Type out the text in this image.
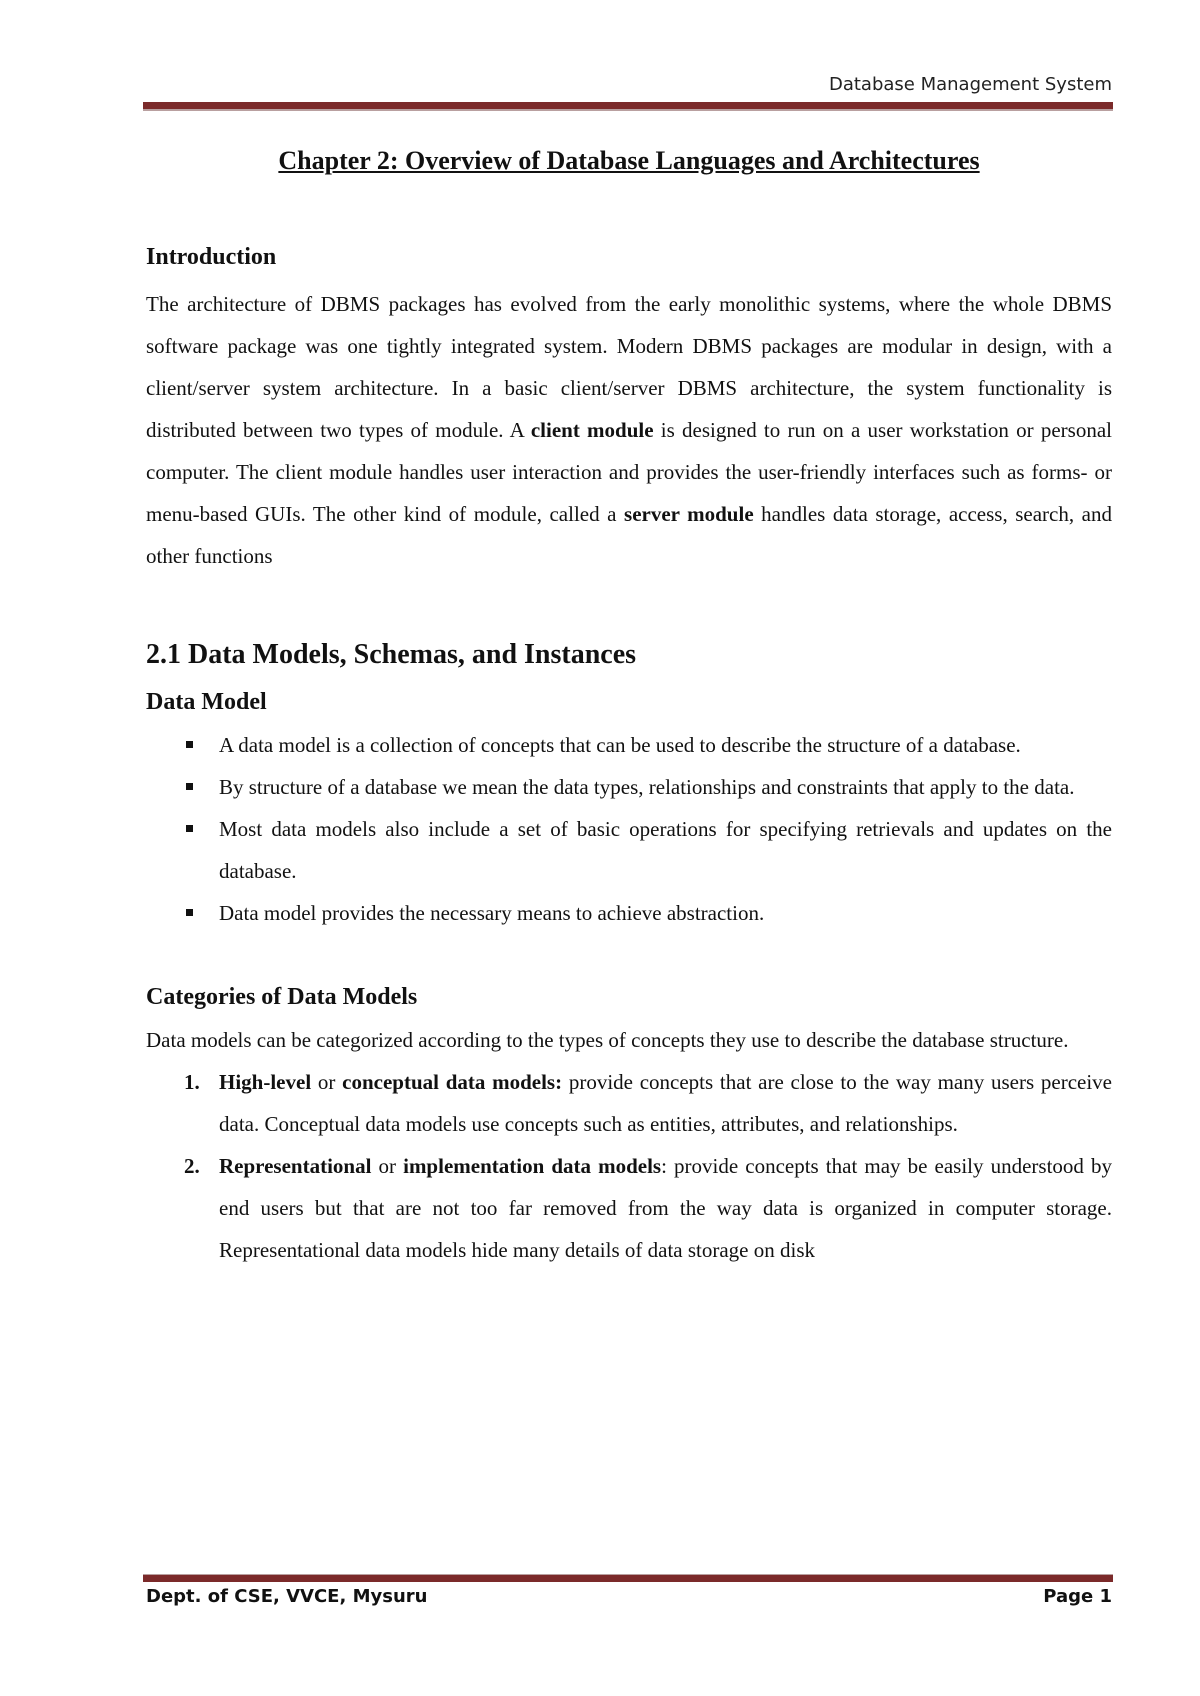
Database Management System

Chapter 2: Overview of Database Languages and Architectures

Introduction

The architecture of DBMS packages has evolved from the early monolithic systems, where the whole DBMS software package was one tightly integrated system. Modern DBMS packages are modular in design, with a client/server system architecture. In a basic client/server DBMS architecture, the system functionality is distributed between two types of module. A client module is designed to run on a user workstation or personal computer. The client module handles user interaction and provides the user-friendly interfaces such as forms- or menu-based GUIs. The other kind of module, called a server module handles data storage, access, search, and other functions

2.1 Data Models, Schemas, and Instances
Data Model
A data model is a collection of concepts that can be used to describe the structure of a database.
By structure of a database we mean the data types, relationships and constraints that apply to the data.
Most data models also include a set of basic operations for specifying retrievals and updates on the database.
Data model provides the necessary means to achieve abstraction.
Categories of Data Models

Data models can be categorized according to the types of concepts they use to describe the database structure.

1. High-level or conceptual data models: provide concepts that are close to the way many users perceive data. Conceptual data models use concepts such as entities, attributes, and relationships.
2. Representational or implementation data models: provide concepts that may be easily understood by end users but that are not too far removed from the way data is organized in computer storage. Representational data models hide many details of data storage on disk
Dept. of CSE, VVCE, Mysuru	Page 1
